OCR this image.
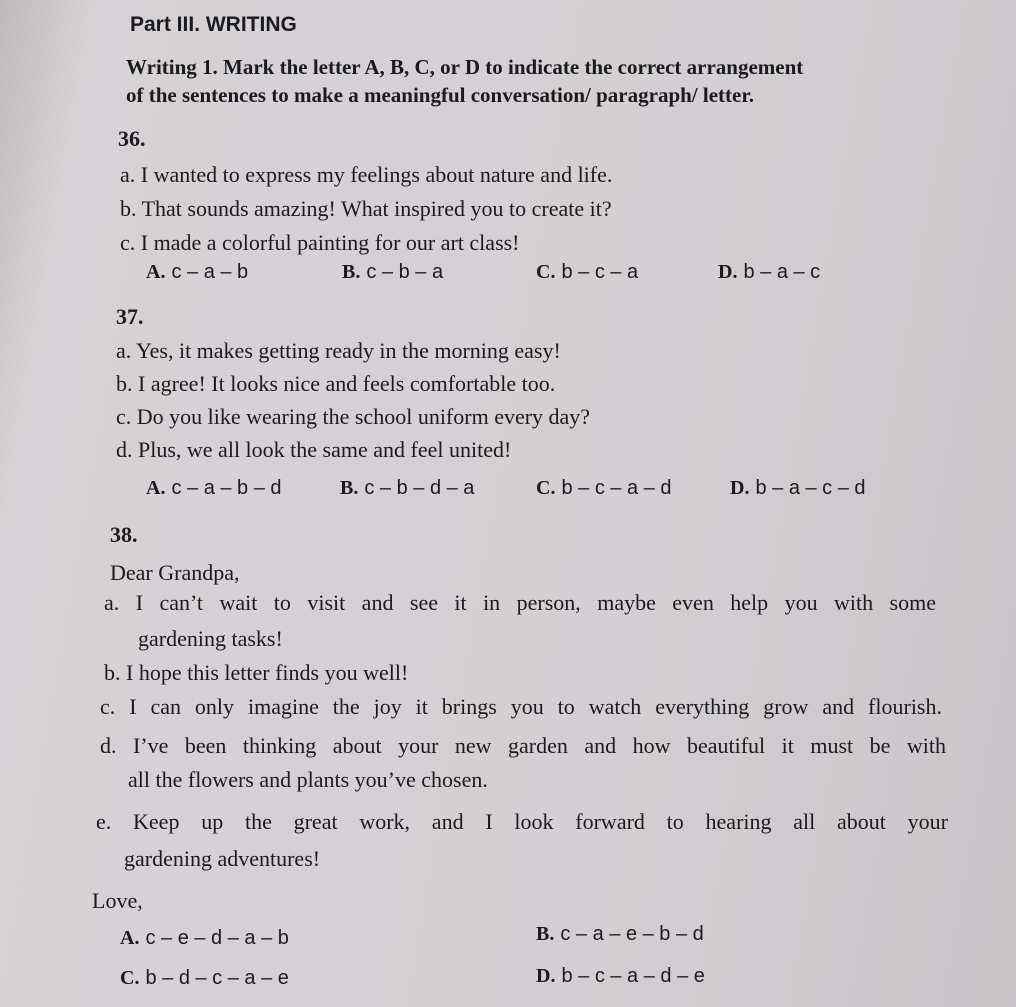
Part III. WRITING
Writing 1. Mark the letter A, B, C, or D to indicate the correct arrangement
of the sentences to make a meaningful conversation/ paragraph/ letter.
36.
a. I wanted to express my feelings about nature and life.
b. That sounds amazing! What inspired you to create it?
c. I made a colorful painting for our art class!
A. c – a – b	B. c – b – a	C. b – c – a	D. b – a – c
37.
a. Yes, it makes getting ready in the morning easy!
b. I agree! It looks nice and feels comfortable too.
c. Do you like wearing the school uniform every day?
d. Plus, we all look the same and feel united!
A. c – a – b – d	B. c – b – d – a	C. b – c – a – d	D. b – a – c – d
38.
Dear Grandpa,
a. I can’t wait to visit and see it in person, maybe even help you with some
gardening tasks!
b. I hope this letter finds you well!
c. I can only imagine the joy it brings you to watch everything grow and flourish.
d. I’ve been thinking about your new garden and how beautiful it must be with
all the flowers and plants you’ve chosen.
e. Keep up the great work, and I look forward to hearing all about your
gardening adventures!
Love,
A. c – e – d – a – b	B. c – a – e – b – d
C. b – d – c – a – e	D. b – c – a – d – e
